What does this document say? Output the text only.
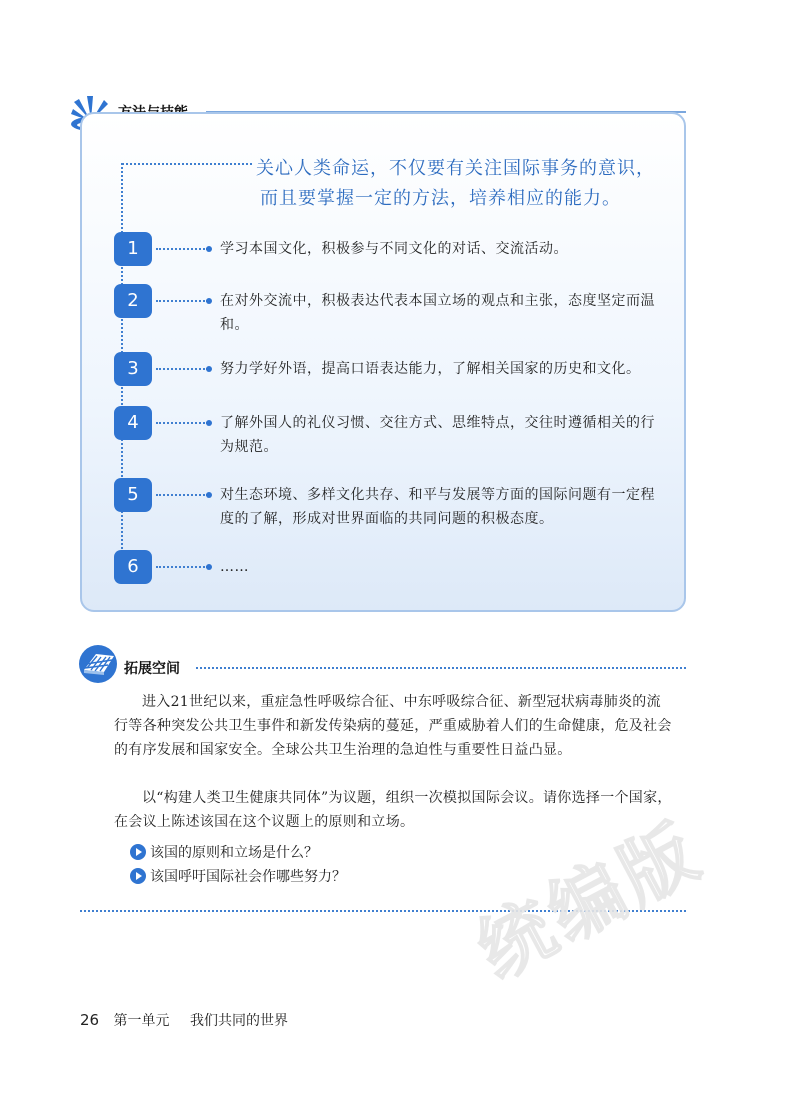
关心人类命运，不仅要有关注国际事务的意识，
而且要掌握一定的方法，培养相应的能力。
1	学习本国文化，积极参与不同文化的对话、交流活动。
2	在对外交流中，积极表达代表本国立场的观点和主张，态度坚定而温和。
3	努力学好外语，提高口语表达能力，了解相关国家的历史和文化。
4	了解外国人的礼仪习惯、交往方式、思维特点，交往时遵循相关的行为规范。
5	对生态环境、多样文化共存、和平与发展等方面的国际问题有一定程度的了解，形成对世界面临的共同问题的积极态度。
6	……
拓展空间

进入21世纪以来，重症急性呼吸综合征、中东呼吸综合征、新型冠状病毒肺炎的流行等各种突发公共卫生事件和新发传染病的蔓延，严重威胁着人们的生命健康，危及社会的有序发展和国家安全。全球公共卫生治理的急迫性与重要性日益凸显。

以“构建人类卫生健康共同体”为议题，组织一次模拟国际会议。请你选择一个国家，在会议上陈述该国在这个议题上的原则和立场。

该国的原则和立场是什么？
该国呼吁国际社会作哪些努力？
26 第一单元 我们共同的世界
统编版
